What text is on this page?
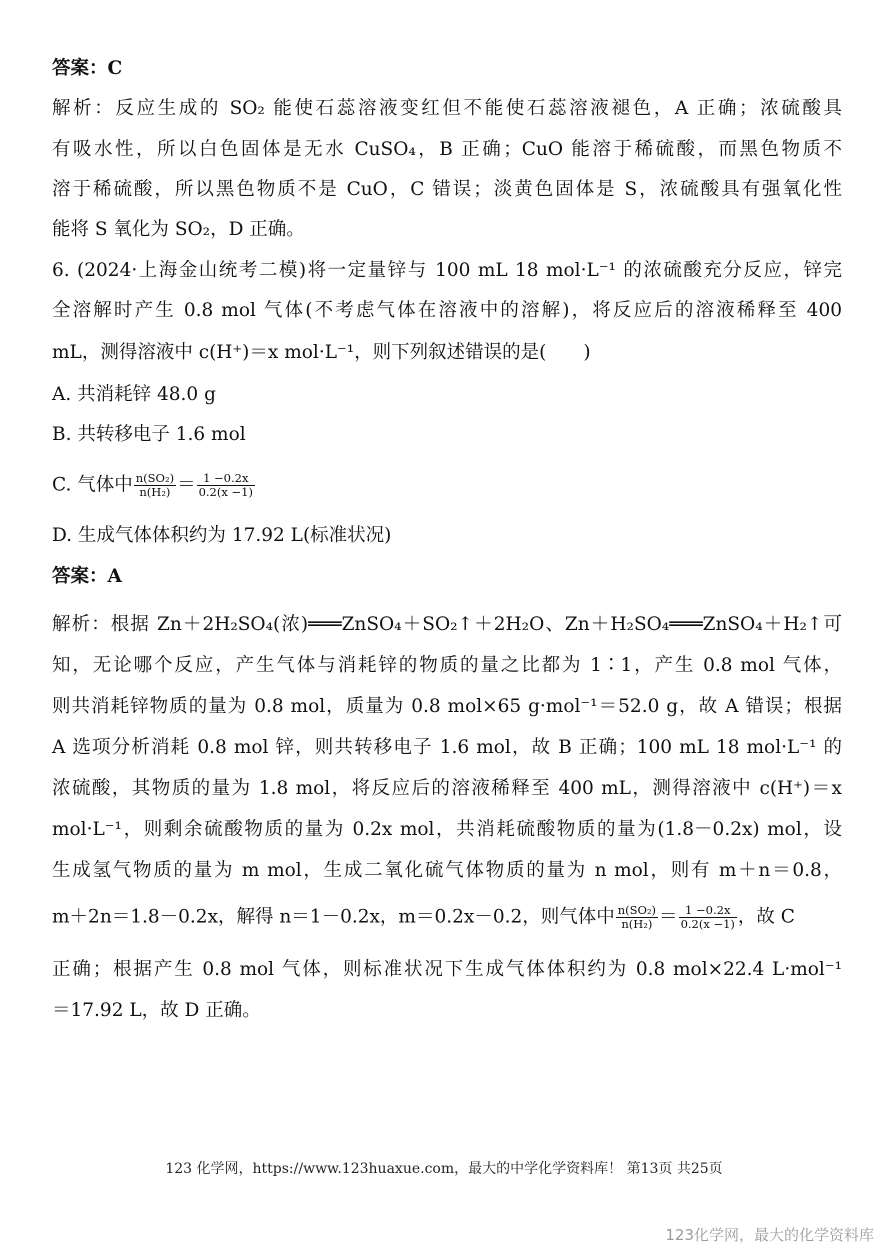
答案：C
解析：反应生成的 SO₂ 能使石蕊溶液变红但不能使石蕊溶液褪色，A 正确；浓硫酸具
有吸水性，所以白色固体是无水 CuSO₄，B 正确；CuO 能溶于稀硫酸，而黑色物质不
溶于稀硫酸，所以黑色物质不是 CuO，C 错误；淡黄色固体是 S，浓硫酸具有强氧化性
能将 S 氧化为 SO₂，D 正确。
6. (2024·上海金山统考二模)将一定量锌与 100 mL 18 mol·L⁻¹ 的浓硫酸充分反应，锌完
全溶解时产生 0.8 mol 气体(不考虑气体在溶液中的溶解)，将反应后的溶液稀释至 400
mL，测得溶液中 c(H⁺)＝x mol·L⁻¹，则下列叙述错误的是(　　)
A. 共消耗锌 48.0 g
B. 共转移电子 1.6 mol
C. 气体中 $\frac{\text{n(SO₂)}}{\text{n(H₂)}} = \frac{1 -0.2x}{0.2(x -1)}$
D. 生成气体体积约为 17.92 L(标准状况)
答案：A
解析：根据 Zn＋2H₂SO₄(浓)═══ZnSO₄＋SO₂↑＋2H₂O、Zn＋H₂SO₄═══ZnSO₄＋H₂↑可
知，无论哪个反应，产生气体与消耗锌的物质的量之比都为 1∶1，产生 0.8 mol 气体，
则共消耗锌物质的量为 0.8 mol，质量为 0.8 mol×65 g·mol⁻¹＝52.0 g，故 A 错误；根据
A 选项分析消耗 0.8 mol 锌，则共转移电子 1.6 mol，故 B 正确；100 mL 18 mol·L⁻¹ 的
浓硫酸，其物质的量为 1.8 mol，将反应后的溶液稀释至 400 mL，测得溶液中 c(H⁺)＝x
mol·L⁻¹，则剩余硫酸物质的量为 0.2x mol，共消耗硫酸物质的量为(1.8－0.2x) mol，设
生成氢气物质的量为 m mol，生成二氧化硫气体物质的量为 n mol，则有 m＋n＝0.8，
m＋2n＝1.8－0.2x，解得 n＝1－0.2x，m＝0.2x－0.2，则气体中 $\frac{\text{n(SO₂)}}{\text{n(H₂)}} = \frac{1 -0.2x}{0.2(x -1)}$ ，故 C
正确；根据产生 0.8 mol 气体，则标准状况下生成气体体积约为 0.8 mol×22.4 L·mol⁻¹
＝17.92 L，故 D 正确。
123 化学网，https://www.123huaxue.com，最大的中学化学资料库！ 第13页 共25页
123化学网，最大的化学资料库
